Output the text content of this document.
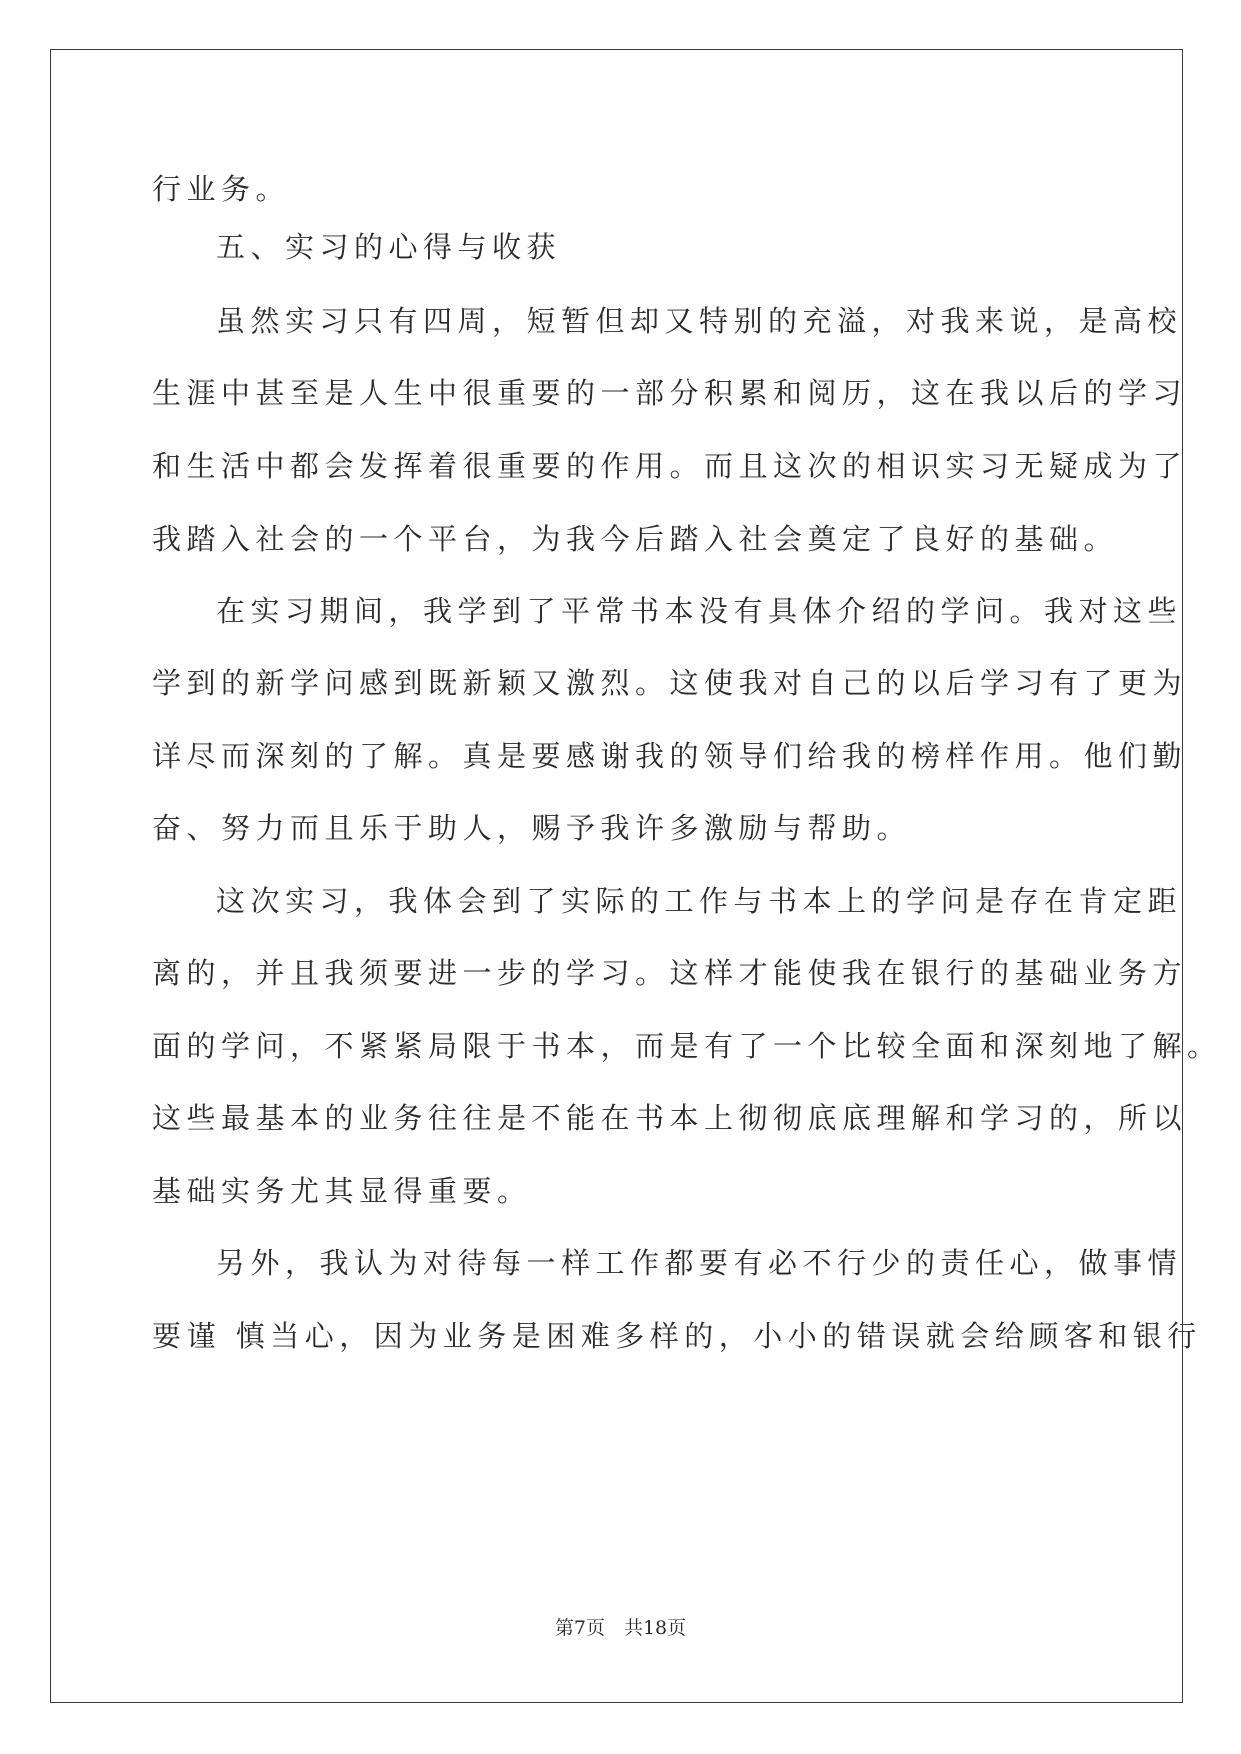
行业务。

五、实习的心得与收获

虽然实习只有四周，短暂但却又特别的充溢，对我来说，是高校

生涯中甚至是人生中很重要的一部分积累和阅历，这在我以后的学习

和生活中都会发挥着很重要的作用。而且这次的相识实习无疑成为了

我踏入社会的一个平台，为我今后踏入社会奠定了良好的基础。

在实习期间，我学到了平常书本没有具体介绍的学问。我对这些

学到的新学问感到既新颖又激烈。这使我对自己的以后学习有了更为

详尽而深刻的了解。真是要感谢我的领导们给我的榜样作用。他们勤

奋、努力而且乐于助人，赐予我许多激励与帮助。

这次实习，我体会到了实际的工作与书本上的学问是存在肯定距

离的，并且我须要进一步的学习。这样才能使我在银行的基础业务方

面的学问，不紧紧局限于书本，而是有了一个比较全面和深刻地了解。

这些最基本的业务往往是不能在书本上彻彻底底理解和学习的，所以

基础实务尤其显得重要。

另外，我认为对待每一样工作都要有必不行少的责任心，做事情

要谨 慎当心，因为业务是困难多样的，小小的错误就会给顾客和银行

第7页　共18页
